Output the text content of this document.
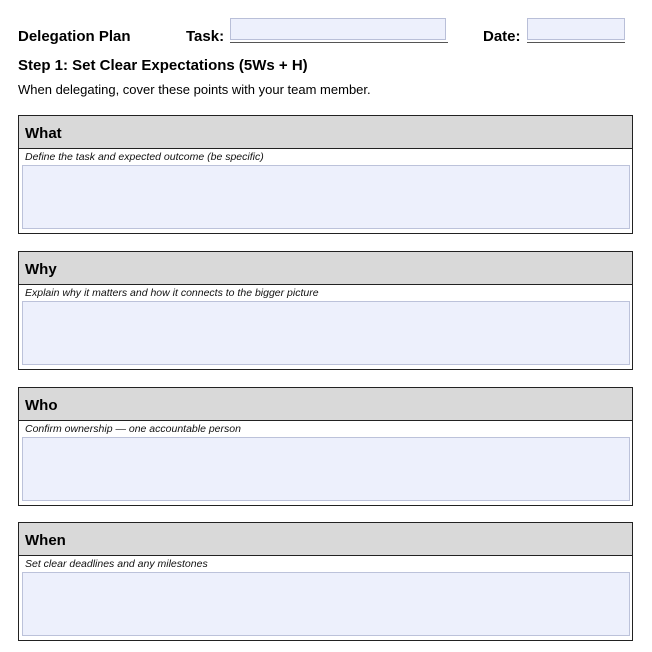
Delegation Plan	Task:	Date:
Step 1: Set Clear Expectations (5Ws + H)
When delegating, cover these points with your team member.
What
Define the task and expected outcome (be specific)
Why
Explain why it matters and how it connects to the bigger picture
Who
Confirm ownership — one accountable person
When
Set clear deadlines and any milestones
